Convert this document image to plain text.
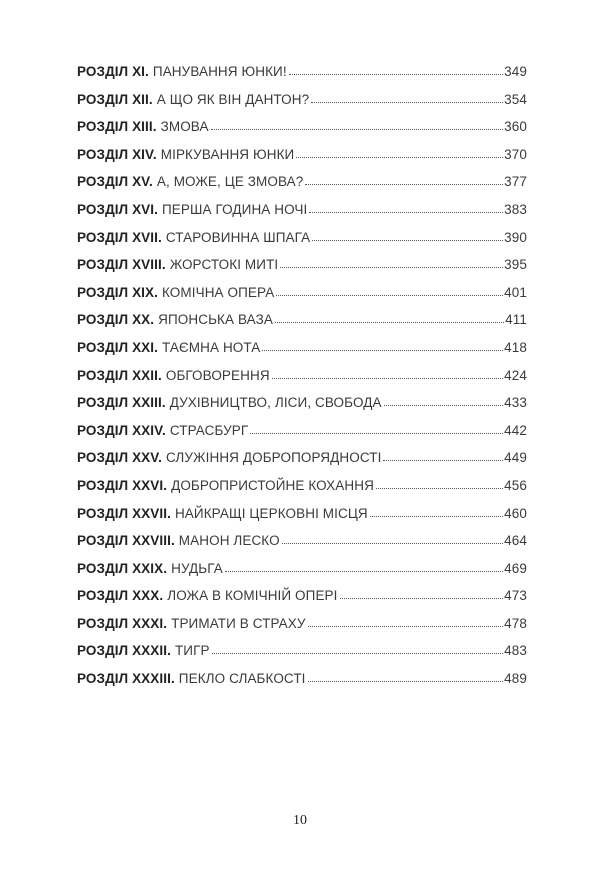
РОЗДІЛ XI. ПАНУВАННЯ ЮНКИ!	349
РОЗДІЛ XII. А ЩО ЯК ВІН ДАНТОН?	354
РОЗДІЛ XIII. ЗМОВА	360
РОЗДІЛ XIV. МІРКУВАННЯ ЮНКИ	370
РОЗДІЛ XV. А, МОЖЕ, ЦЕ ЗМОВА?	377
РОЗДІЛ XVI. ПЕРША ГОДИНА НОЧІ	383
РОЗДІЛ XVII. СТАРОВИННА ШПАГА	390
РОЗДІЛ XVIII. ЖОРСТОКІ МИТІ	395
РОЗДІЛ XIX. КОМІЧНА ОПЕРА	401
РОЗДІЛ XX. ЯПОНСЬКА ВАЗА	411
РОЗДІЛ XXI. ТАЄМНА НОТА	418
РОЗДІЛ XXII. ОБГОВОРЕННЯ	424
РОЗДІЛ XXIII. ДУХІВНИЦТВО, ЛІСИ, СВОБОДА	433
РОЗДІЛ XXIV. СТРАСБУРГ	442
РОЗДІЛ XXV. СЛУЖІННЯ ДОБРОПОРЯДНОСТІ	449
РОЗДІЛ XXVI. ДОБРОПРИСТОЙНЕ КОХАННЯ	456
РОЗДІЛ XXVII. НАЙКРАЩІ ЦЕРКОВНІ МІСЦЯ	460
РОЗДІЛ XXVIII. МАНОН ЛЕСКО	464
РОЗДІЛ XXIX. НУДЬГА	469
РОЗДІЛ XXX. ЛОЖА В КОМІЧНІЙ ОПЕРІ	473
РОЗДІЛ XXXI. ТРИМАТИ В СТРАХУ	478
РОЗДІЛ XXXII. ТИГР	483
РОЗДІЛ XXXIII. ПЕКЛО СЛАБКОСТІ	489
10
